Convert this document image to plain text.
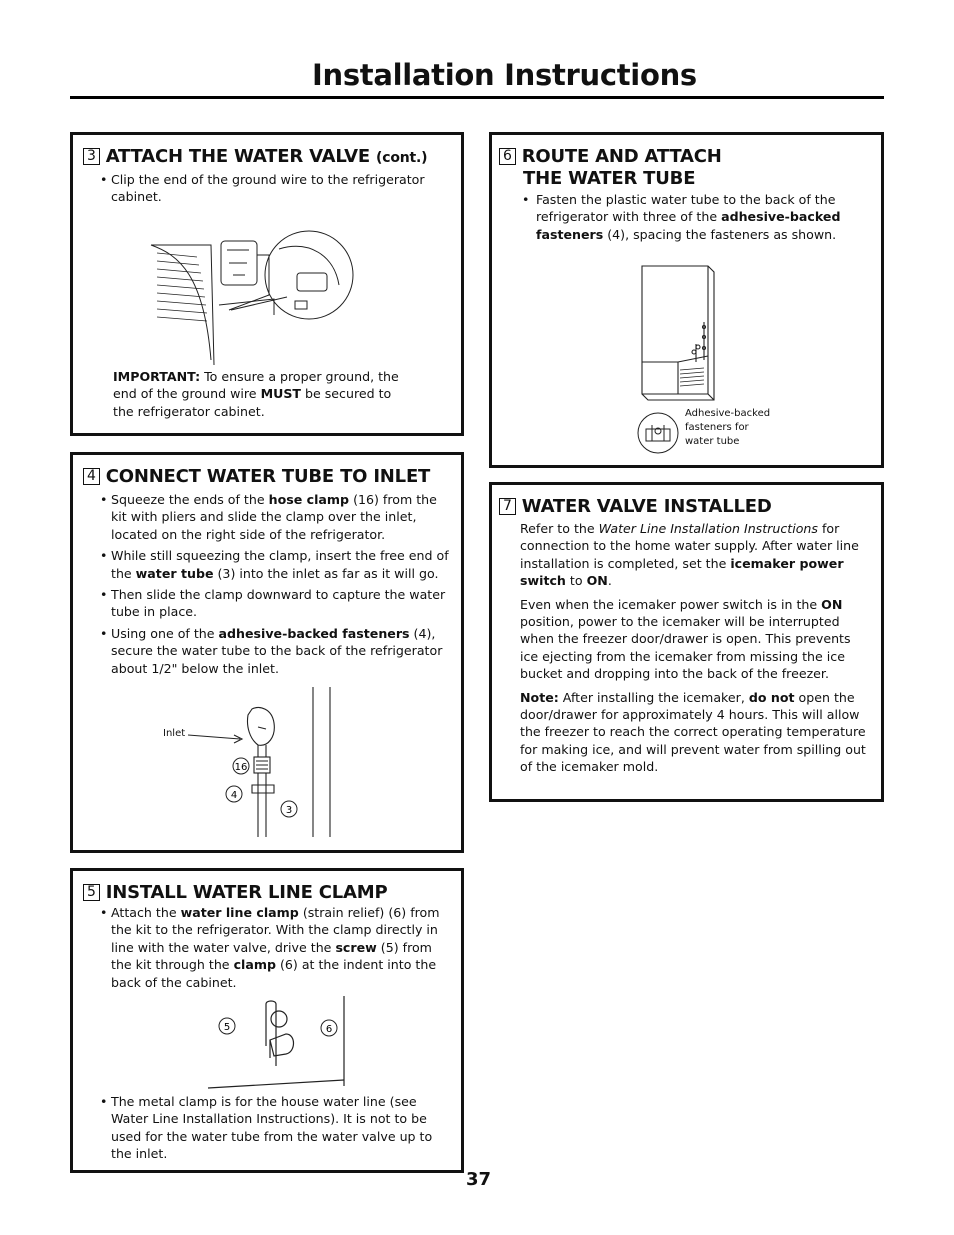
Installation Instructions
3 ATTACH THE WATER VALVE (cont.)
• Clip the end of the ground wire to the refrigerator cabinet.
IMPORTANT: To ensure a proper ground, the end of the ground wire MUST be secured to the refrigerator cabinet.
4 CONNECT WATER TUBE TO INLET
• Squeeze the ends of the hose clamp (16) from the kit with pliers and slide the clamp over the inlet, located on the right side of the refrigerator.
• While still squeezing the clamp, insert the free end of the water tube (3) into the inlet as far as it will go.
• Then slide the clamp downward to capture the water tube in place.
• Using one of the adhesive-backed fasteners (4), secure the water tube to the back of the refrigerator about 1/2" below the inlet.
Inlet
16
4
3
5 INSTALL WATER LINE CLAMP
• Attach the water line clamp (strain relief) (6) from the kit to the refrigerator. With the clamp directly in line with the water valve, drive the screw (5) from the kit through the clamp (6) at the indent into the back of the cabinet.
5	6
• The metal clamp is for the house water line (see Water Line Installation Instructions). It is not to be used for the water tube from the water valve up to the inlet.
6 ROUTE AND ATTACH
THE WATER TUBE
• Fasten the plastic water tube to the back of the refrigerator with three of the adhesive-backed fasteners (4), spacing the fasteners as shown.
Adhesive-backed
fasteners for
water tube
7 WATER VALVE INSTALLED
Refer to the Water Line Installation Instructions for connection to the home water supply. After water line installation is completed, set the icemaker power switch to ON.
Even when the icemaker power switch is in the ON position, power to the icemaker will be interrupted when the freezer door/drawer is open. This prevents ice ejecting from the icemaker from missing the ice bucket and dropping into the back of the freezer.
Note: After installing the icemaker, do not open the door/drawer for approximately 4 hours. This will allow the freezer to reach the correct operating temperature for making ice, and will prevent water from spilling out of the icemaker mold.
37
